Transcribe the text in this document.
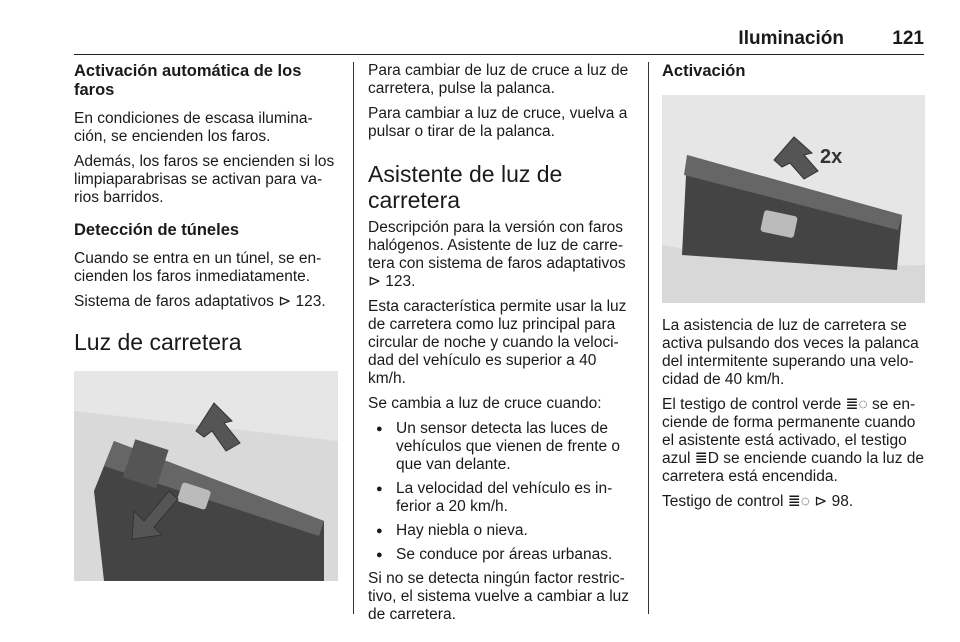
Iluminación	121
Activación automática de los faros

En condiciones de escasa ilumina-ción, se encienden los faros.

Además, los faros se encienden si los limpiaparabrisas se activan para va-rios barridos.

Detección de túneles

Cuando se entra en un túnel, se en-cienden los faros inmediatamente.

Sistema de faros adaptativos ⊳ 123.

Luz de carretera

Para cambiar de luz de cruce a luz de carretera, pulse la palanca.

Para cambiar a luz de cruce, vuelva a pulsar o tirar de la palanca.

Asistente de luz de carretera

Descripción para la versión con faros halógenos. Asistente de luz de carre-tera con sistema de faros adaptativos ⊳ 123.

Esta característica permite usar la luz de carretera como luz principal para circular de noche y cuando la veloci-dad del vehículo es superior a 40 km/h.

Se cambia a luz de cruce cuando:

● Un sensor detecta las luces de vehículos que vienen de frente o que van delante.
● La velocidad del vehículo es in-ferior a 20 km/h.
● Hay niebla o nieva.
● Se conduce por áreas urbanas.

Si no se detecta ningún factor restric-tivo, el sistema vuelve a cambiar a luz de carretera.

Activación
2x

La asistencia de luz de carretera se activa pulsando dos veces la palanca del intermitente superando una velo-cidad de 40 km/h.

El testigo de control verde ≣◌ se en-ciende de forma permanente cuando el asistente está activado, el testigo azul ≣D se enciende cuando la luz de carretera está encendida.

Testigo de control ≣◌ ⊳ 98.
